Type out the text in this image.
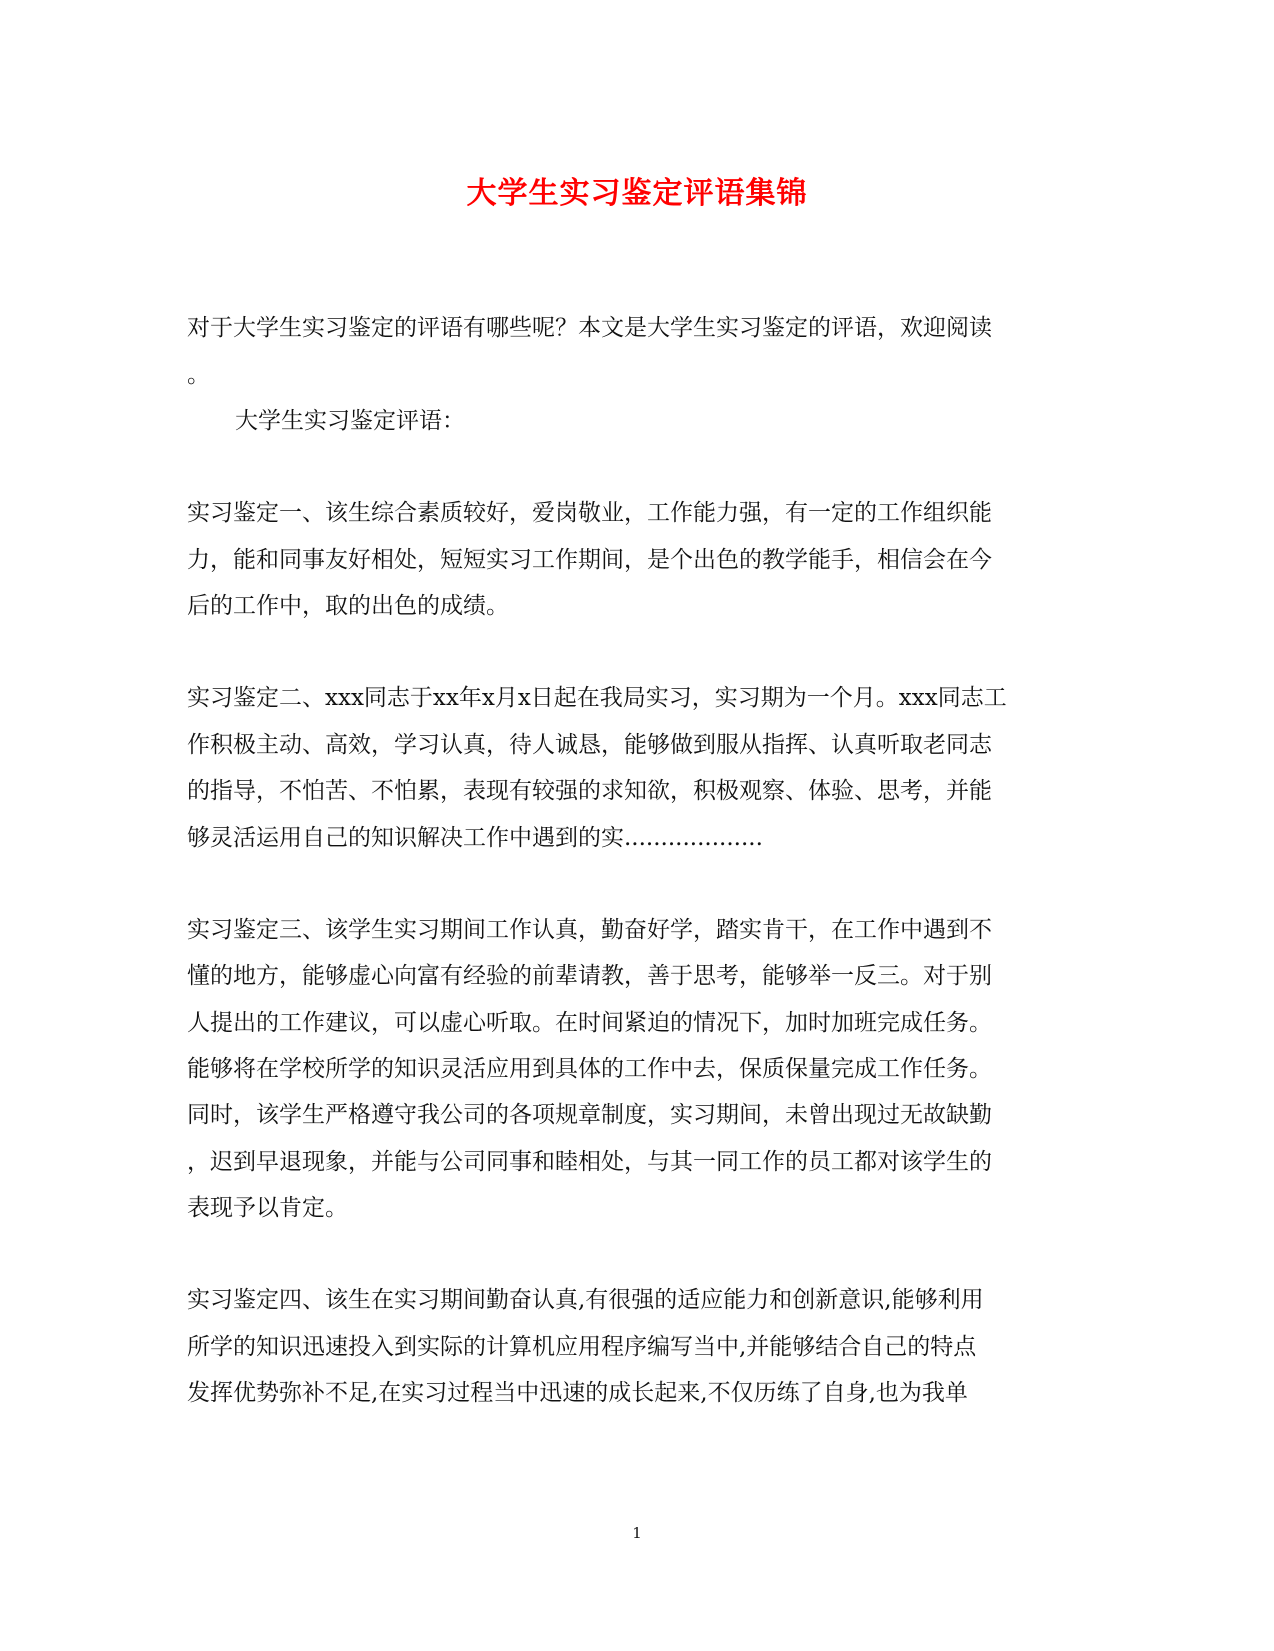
大学生实习鉴定评语集锦

对于大学生实习鉴定的评语有哪些呢？本文是大学生实习鉴定的评语，欢迎阅读

。

大学生实习鉴定评语：

实习鉴定一、该生综合素质较好，爱岗敬业，工作能力强，有一定的工作组织能

力，能和同事友好相处，短短实习工作期间，是个出色的教学能手，相信会在今

后的工作中，取的出色的成绩。

实习鉴定二、xxx同志于xx年x月x日起在我局实习，实习期为一个月。xxx同志工

作积极主动、高效，学习认真，待人诚恳，能够做到服从指挥、认真听取老同志

的指导，不怕苦、不怕累，表现有较强的求知欲，积极观察、体验、思考，并能

够灵活运用自己的知识解决工作中遇到的实...................

实习鉴定三、该学生实习期间工作认真，勤奋好学，踏实肯干，在工作中遇到不

懂的地方，能够虚心向富有经验的前辈请教，善于思考，能够举一反三。对于别

人提出的工作建议，可以虚心听取。在时间紧迫的情况下，加时加班完成任务。

能够将在学校所学的知识灵活应用到具体的工作中去，保质保量完成工作任务。

同时，该学生严格遵守我公司的各项规章制度，实习期间，未曾出现过无故缺勤

，迟到早退现象，并能与公司同事和睦相处，与其一同工作的员工都对该学生的

表现予以肯定。

实习鉴定四、该生在实习期间勤奋认真,有很强的适应能力和创新意识,能够利用

所学的知识迅速投入到实际的计算机应用程序编写当中,并能够结合自己的特点

发挥优势弥补不足,在实习过程当中迅速的成长起来,不仅历练了自身,也为我单

1
